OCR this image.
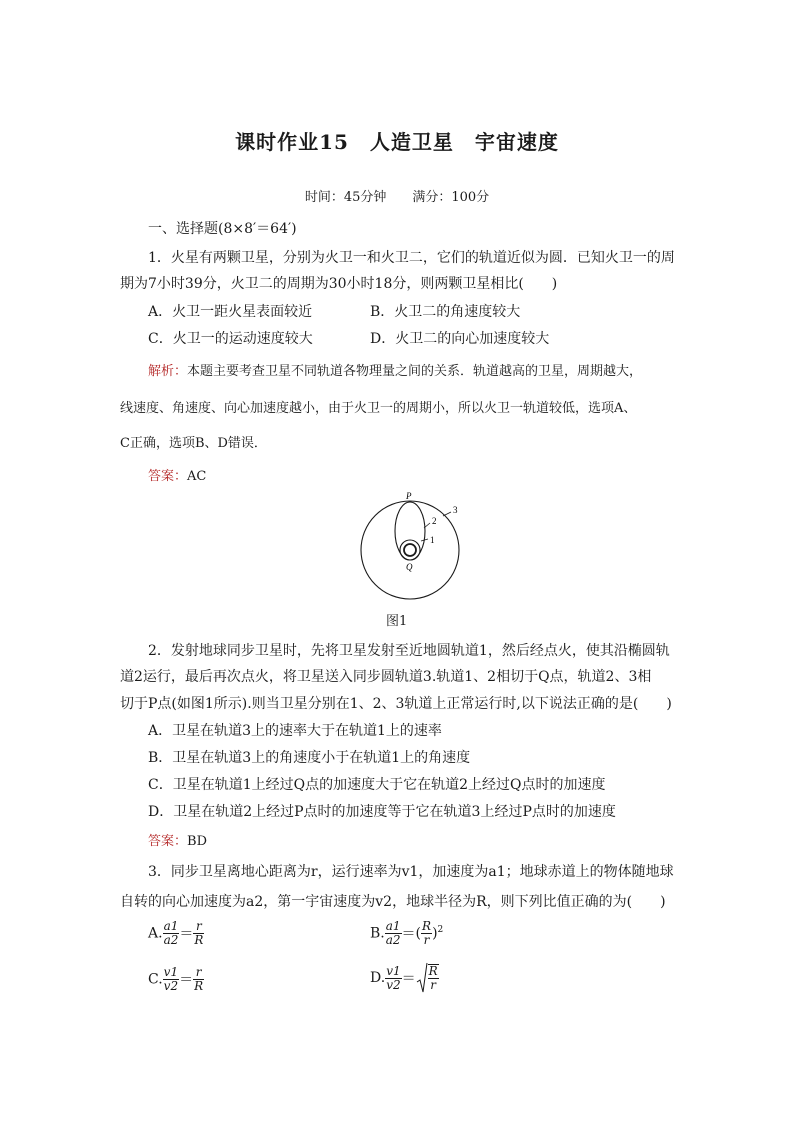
课时作业15　人造卫星　宇宙速度
时间：45分钟　　满分：100分
一、选择题(8×8′＝64′)
1．火星有两颗卫星，分别为火卫一和火卫二，它们的轨道近似为圆．已知火卫一的周
期为7小时39分，火卫二的周期为30小时18分，则两颗卫星相比(　　)
A．火卫一距火星表面较近	B．火卫二的角速度较大
C．火卫一的运动速度较大	D．火卫二的向心加速度较大
解析：本题主要考查卫星不同轨道各物理量之间的关系．轨道越高的卫星，周期越大，
线速度、角速度、向心加速度越小，由于火卫一的周期小，所以火卫一轨道较低，选项A、
C正确，选项B、D错误．
答案：AC
P
Q
1
2
3
图1
2．发射地球同步卫星时，先将卫星发射至近地圆轨道1，然后经点火，使其沿椭圆轨
道2运行，最后再次点火，将卫星送入同步圆轨道3.轨道1、2相切于Q点，轨道2、3相
切于P点(如图1所示).则当卫星分别在1、2、3轨道上正常运行时,以下说法正确的是(　　)
A．卫星在轨道3上的速率大于在轨道1上的速率
B．卫星在轨道3上的角速度小于在轨道1上的角速度
C．卫星在轨道1上经过Q点的加速度大于它在轨道2上经过Q点时的加速度
D．卫星在轨道2上经过P点时的加速度等于它在轨道3上经过P点时的加速度
答案：BD
3．同步卫星离地心距离为r，运行速率为v1，加速度为a1；地球赤道上的物体随地球
自转的向心加速度为a2，第一宇宙速度为v2，地球半径为R，则下列比值正确的为(　　)
A. $\frac{a1}{a2} = \frac{r}{R}$	B. $\frac{a1}{a2}$ ＝( $\frac{R}{r} )^2$
C. $\frac{v1}{v2} = \frac{r}{R}$	D. $\frac{v1}{v2} = \frac{R}{r}$
